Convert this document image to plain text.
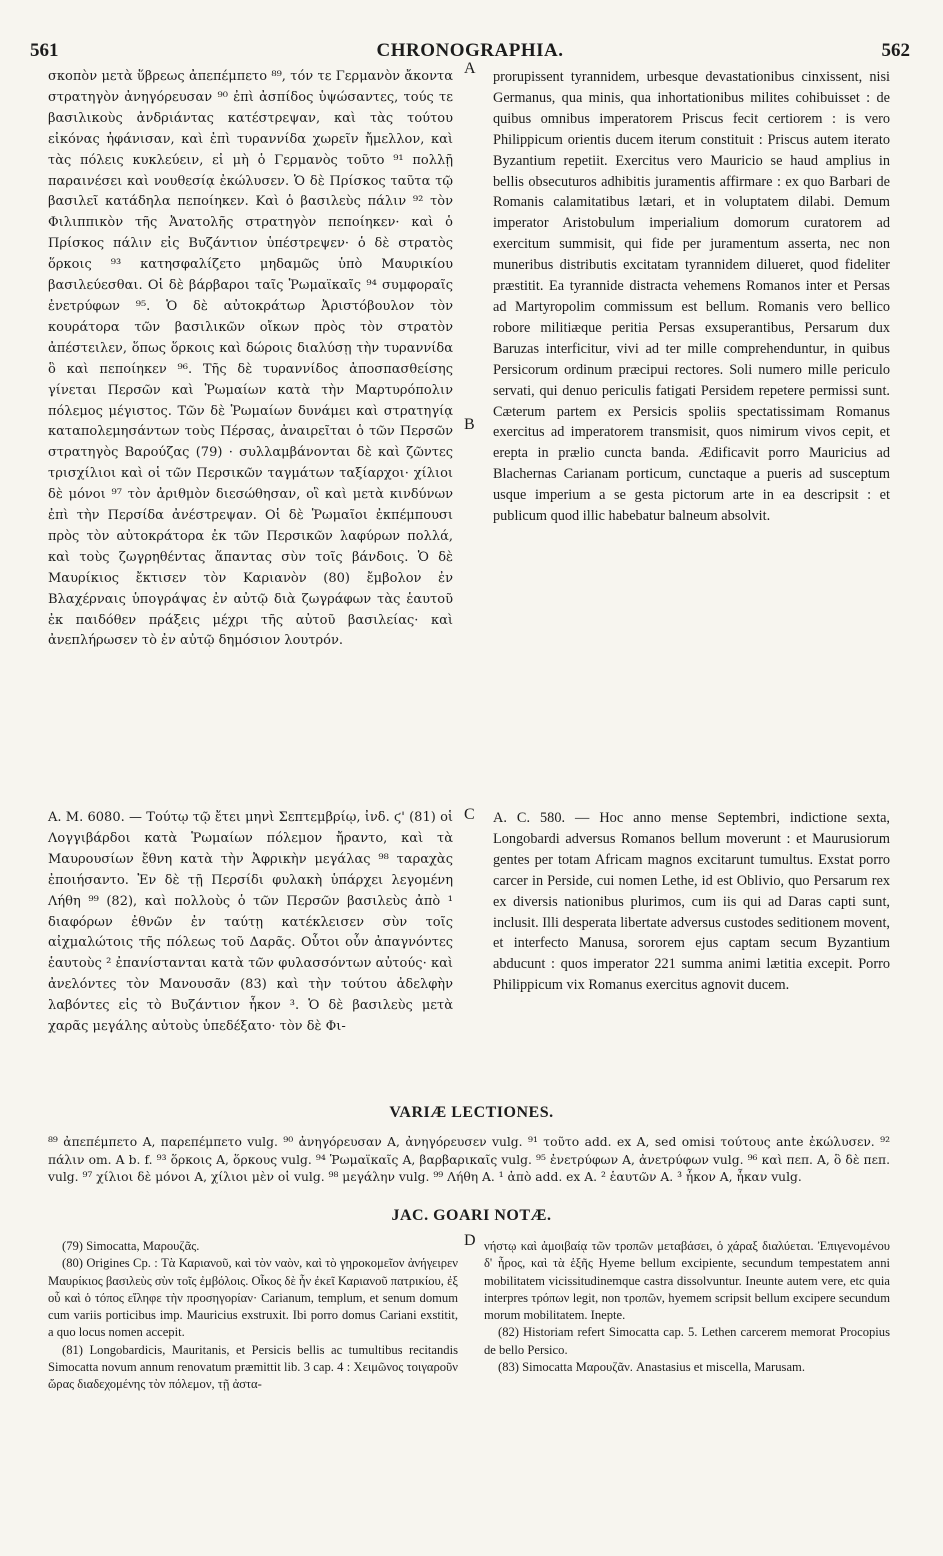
561	CHRONOGRAPHIA.	562
σκοπὸν μετὰ ὕβρεως ἀπεπέμπετο ⁸⁹, τόν τε Γερμανὸν ἄκοντα στρατηγὸν ἀνηγόρευσαν ⁹⁰ ἐπὶ ἀσπίδος ὑψώσαντες, τούς τε βασιλικοὺς ἀνδριάντας κατέστρεψαν, καὶ τὰς τούτου εἰκόνας ἠφάνισαν, καὶ ἐπὶ τυραννίδα χωρεῖν ἤμελλον, καὶ τὰς πόλεις κυκλεύειν, εἰ μὴ ὁ Γερμανὸς τοῦτο ⁹¹ πολλῇ παραινέσει καὶ νουθεσίᾳ ἐκώλυσεν. Ὁ δὲ Πρίσκος ταῦτα τῷ βασιλεῖ κατάδηλα πεποίηκεν. Καὶ ὁ βασιλεὺς πάλιν ⁹² τὸν Φιλιππικὸν τῆς Ἀνατολῆς στρατηγὸν πεποίηκεν· καὶ ὁ Πρίσκος πάλιν εἰς Βυζάντιον ὑπέστρεψεν· ὁ δὲ στρατὸς ὅρκοις ⁹³ κατησφαλίζετο μηδαμῶς ὑπὸ Μαυρικίου βασιλεύεσθαι. Οἱ δὲ βάρβαροι ταῖς Ῥωμαϊκαῖς ⁹⁴ συμφοραῖς ἐνετρύφων ⁹⁵. Ὁ δὲ αὐτοκράτωρ Ἀριστόβουλον τὸν κουράτορα τῶν βασιλικῶν οἴκων πρὸς τὸν στρατὸν ἀπέστειλεν, ὅπως ὅρκοις καὶ δώροις διαλύσῃ τὴν τυραννίδα ὃ καὶ πεποίηκεν ⁹⁶. Τῆς δὲ τυραννίδος ἀποσπασθείσης γίνεται Περσῶν καὶ Ῥωμαίων κατὰ τὴν Μαρτυρόπολιν πόλεμος μέγιστος. Τῶν δὲ Ῥωμαίων δυνάμει καὶ στρατηγίᾳ καταπολεμησάντων τοὺς Πέρσας, ἀναιρεῖται ὁ τῶν Περσῶν στρατηγὸς Βαρούζας (79) · συλλαμβάνονται δὲ καὶ ζῶντες τρισχίλιοι καὶ οἱ τῶν Περσικῶν ταγμάτων ταξίαρχοι· χίλιοι δὲ μόνοι ⁹⁷ τὸν ἀριθμὸν διεσώθησαν, οἳ καὶ μετὰ κινδύνων ἐπὶ τὴν Περσίδα ἀνέστρεψαν. Οἱ δὲ Ῥωμαῖοι ἐκπέμπουσι πρὸς τὸν αὐτοκράτορα ἐκ τῶν Περσικῶν λαφύρων πολλά, καὶ τοὺς ζωγρηθέντας ἅπαντας σὺν τοῖς βάνδοις. Ὁ δὲ Μαυρίκιος ἔκτισεν τὸν Καριανὸν (80) ἔμβολον ἐν Βλαχέρναις ὑπογράψας ἐν αὐτῷ διὰ ζωγράφων τὰς ἑαυτοῦ ἐκ παιδόθεν πράξεις μέχρι τῆς αὐτοῦ βασιλείας· καὶ ἀνεπλήρωσεν τὸ ἐν αὐτῷ δημόσιον λουτρόν.
prorupissent tyrannidem, urbesque devastationibus cinxissent, nisi Germanus, qua minis, qua inhortationibus milites cohibuisset : de quibus omnibus imperatorem Priscus fecit certiorem : is vero Philippicum orientis ducem iterum constituit : Priscus autem iterato Byzantium repetiit. Exercitus vero Mauricio se haud amplius in bellis obsecuturos adhibitis juramentis affirmare : ex quo Barbari de Romanis calamitatibus lætari, et in voluptatem dilabi. Demum imperator Aristobulum imperialium domorum curatorem ad exercitum summisit, qui fide per juramentum asserta, nec non muneribus distributis excitatam tyrannidem dilueret, quod fideliter præstitit. Ea tyrannide distracta vehemens Romanos inter et Persas ad Martyropolim commissum est bellum. Romanis vero bellico robore militiæque peritia Persas exsuperantibus, Persarum dux Baruzas interficitur, vivi ad ter mille comprehenduntur, in quibus Persicorum ordinum præcipui rectores. Soli numero mille periculo servati, qui denuo periculis fatigati Persidem repetere permissi sunt. Cæterum partem ex Persicis spoliis spectatissimam Romanus exercitus ad imperatorem transmisit, quos nimirum vivos cepit, et erepta in prælio cuncta banda. Ædificavit porro Mauricius ad Blachernas Carianam porticum, cunctaque a pueris ad susceptum usque imperium a se gesta pictorum arte in ea descripsit : et publicum quod illic habebatur balneum absolvit.
A
B
C
D
A. M. 6080. — Τούτῳ τῷ ἔτει μηνὶ Σεπτεμβρίῳ, ἰνδ. ϛ' (81) οἱ Λογγιβάρδοι κατὰ Ῥωμαίων πόλεμον ἤραντο, καὶ τὰ Μαυρουσίων ἔθνη κατὰ τὴν Ἀφρικὴν μεγάλας ⁹⁸ ταραχὰς ἐποιήσαντο. Ἐν δὲ τῇ Περσίδι φυλακὴ ὑπάρχει λεγομένη Λήθη ⁹⁹ (82), καὶ πολλοὺς ὁ τῶν Περσῶν βασιλεὺς ἀπὸ ¹ διαφόρων ἐθνῶν ἐν ταύτῃ κατέκλεισεν σὺν τοῖς αἰχμαλώτοις τῆς πόλεως τοῦ Δαρᾶς. Οὗτοι οὖν ἀπαγνόντες ἑαυτοὺς ² ἐπανίστανται κατὰ τῶν φυλασσόντων αὐτούς· καὶ ἀνελόντες τὸν Μανουσᾶν (83) καὶ τὴν τούτου ἀδελφὴν λαβόντες εἰς τὸ Βυζάντιον ἧκον ³. Ὁ δὲ βασιλεὺς μετὰ χαρᾶς μεγάλης αὐτοὺς ὑπεδέξατο· τὸν δὲ Φι-
A. C. 580. — Hoc anno mense Septembri, indictione sexta, Longobardi adversus Romanos bellum moverunt : et Maurusiorum gentes per totam Africam magnos excitarunt tumultus. Exstat porro carcer in Perside, cui nomen Lethe, id est Oblivio, quo Persarum rex ex diversis nationibus plurimos, cum iis qui ad Daras capti sunt, inclusit. Illi desperata libertate adversus custodes seditionem movent, et interfecto Manusa, sororem ejus captam secum Byzantium abducunt : quos imperator 221 summa animi lætitia excepit. Porro Philippicum vix Romanus exercitus agnovit ducem.
VARIÆ LECTIONES.
⁸⁹ ἀπεπέμπετο A, παρεπέμπετο vulg. ⁹⁰ ἀνηγόρευσαν A, ἀνηγόρευσεν vulg. ⁹¹ τοῦτο add. ex A, sed omisi τούτους ante ἐκώλυσεν. ⁹² πάλιν om. A b. f. ⁹³ ὅρκοις A, ὅρκους vulg. ⁹⁴ Ῥωμαϊκαῖς A, βαρβαρικαῖς vulg. ⁹⁵ ἐνετρύφων A, ἀνετρύφων vulg. ⁹⁶ καὶ πεπ. A, ὃ δὲ πεπ. vulg. ⁹⁷ χίλιοι δὲ μόνοι A, χίλιοι μὲν οἱ vulg. ⁹⁸ μεγάλην vulg. ⁹⁹ Λήθη A. ¹ ἀπὸ add. ex A. ² ἑαυτῶν A. ³ ἧκον A, ἧκαν vulg.
JAC. GOARI NOTÆ.

(79) Simocatta, Μαρουζᾶς.

(80) Origines Cp. : Τὰ Καριανοῦ, καὶ τὸν ναὸν, καὶ τὸ γηροκομεῖον ἀνήγειρεν Μαυρίκιος βασιλεὺς σὺν τοῖς ἐμβόλοις. Οἶκος δὲ ἦν ἐκεῖ Καριανοῦ πατρικίου, ἐξ οὗ καὶ ὁ τόπος εἴληφε τὴν προσηγορίαν· Carianum, templum, et senum domum cum variis porticibus imp. Mauricius exstruxit. Ibi porro domus Cariani exstitit, a quo locus nomen accepit.

(81) Longobardicis, Mauritanis, et Persicis bellis ac tumultibus recitandis Simocatta novum annum renovatum præmittit lib. 3 cap. 4 : Χειμῶνος τοιγαροῦν ὥρας διαδεχομένης τὸν πόλεμον, τῇ ἀστα-

νήστῳ καὶ ἀμοιβαίᾳ τῶν τροπῶν μεταβάσει, ὁ χάραξ διαλύεται. Ἐπιγενομένου δ' ἦρος, καὶ τὰ ἑξῆς Hyeme bellum excipiente, secundum tempestatem anni mobilitatem vicissitudinemque castra dissolvuntur. Ineunte autem vere, etc quia interpres τρόπων legit, non τροπῶν, hyemem scripsit bellum excipere secundum morum mobilitatem. Inepte.

(82) Historiam refert Simocatta cap. 5. Lethen carcerem memorat Procopius de bello Persico.

(83) Simocatta Μαρουζᾶν. Anastasius et miscella, Marusam.
